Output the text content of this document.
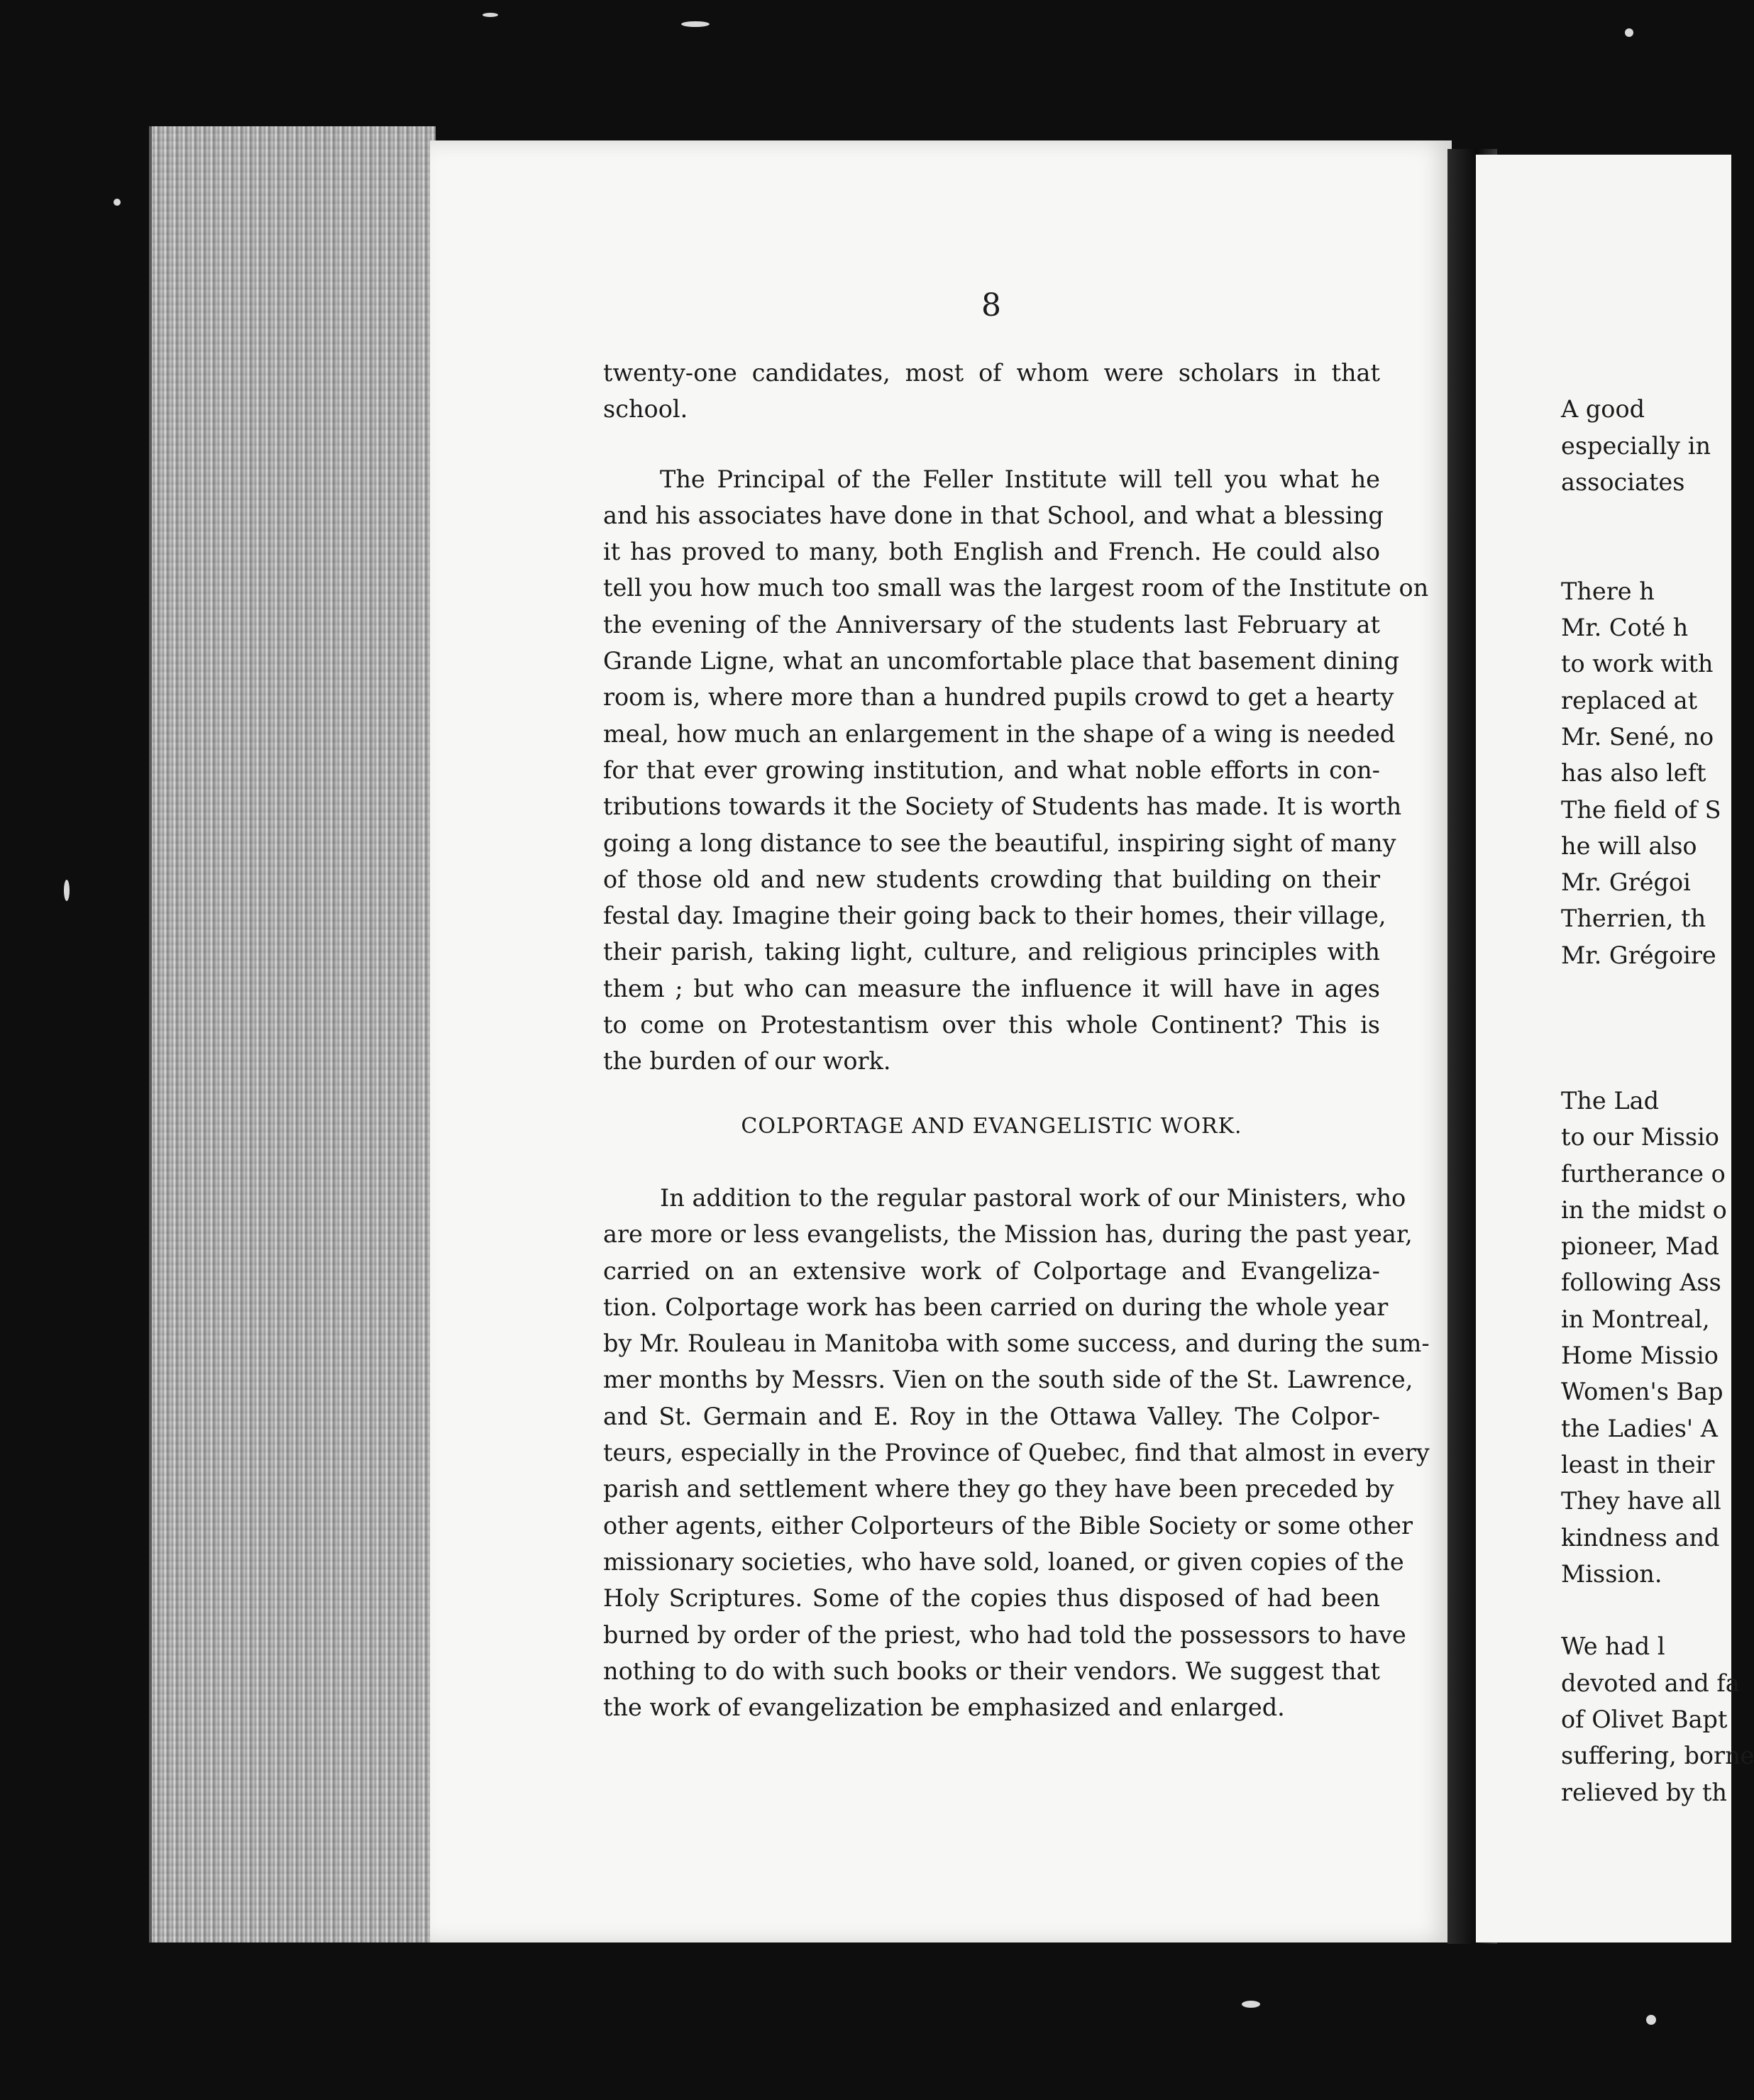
8
twenty-one candidates, most of whom were scholars in that
school.
The Principal of the Feller Institute will tell you what he
and his associates have done in that School, and what a blessing
it has proved to many, both English and French. He could also
tell you how much too small was the largest room of the Institute on
the evening of the Anniversary of the students last February at
Grande Ligne, what an uncomfortable place that basement dining
room is, where more than a hundred pupils crowd to get a hearty
meal, how much an enlargement in the shape of a wing is needed
for that ever growing institution, and what noble efforts in con-
tributions towards it the Society of Students has made. It is worth
going a long distance to see the beautiful, inspiring sight of many
of those old and new students crowding that building on their
festal day. Imagine their going back to their homes, their village,
their parish, taking light, culture, and religious principles with
them ; but who can measure the influence it will have in ages
to come on Protestantism over this whole Continent? This is
the burden of our work.
COLPORTAGE AND EVANGELISTIC WORK.
In addition to the regular pastoral work of our Ministers, who
are more or less evangelists, the Mission has, during the past year,
carried on an extensive work of Colportage and Evangeliza-
tion. Colportage work has been carried on during the whole year
by Mr. Rouleau in Manitoba with some success, and during the sum-
mer months by Messrs. Vien on the south side of the St. Lawrence,
and St. Germain and E. Roy in the Ottawa Valley. The Colpor-
teurs, especially in the Province of Quebec, find that almost in every
parish and settlement where they go they have been preceded by
other agents, either Colporteurs of the Bible Society or some other
missionary societies, who have sold, loaned, or given copies of the
Holy Scriptures. Some of the copies thus disposed of had been
burned by order of the priest, who had told the possessors to have
nothing to do with such books or their vendors. We suggest that
the work of evangelization be emphasized and enlarged.
A good
especially in
associates
There h
Mr. Coté h
to work with
replaced at
Mr. Sené, no
has also left
The field of S
he will also
Mr. Grégoi
Therrien, th
Mr. Grégoire
The Lad
to our Missio
furtherance o
in the midst o
pioneer, Mad
following Ass
in Montreal,
Home Missio
Women's Bap
the Ladies' A
least in their
They have all
kindness and
Mission.
We had l
devoted and fa
of Olivet Bapt
suffering, borne
relieved by th
